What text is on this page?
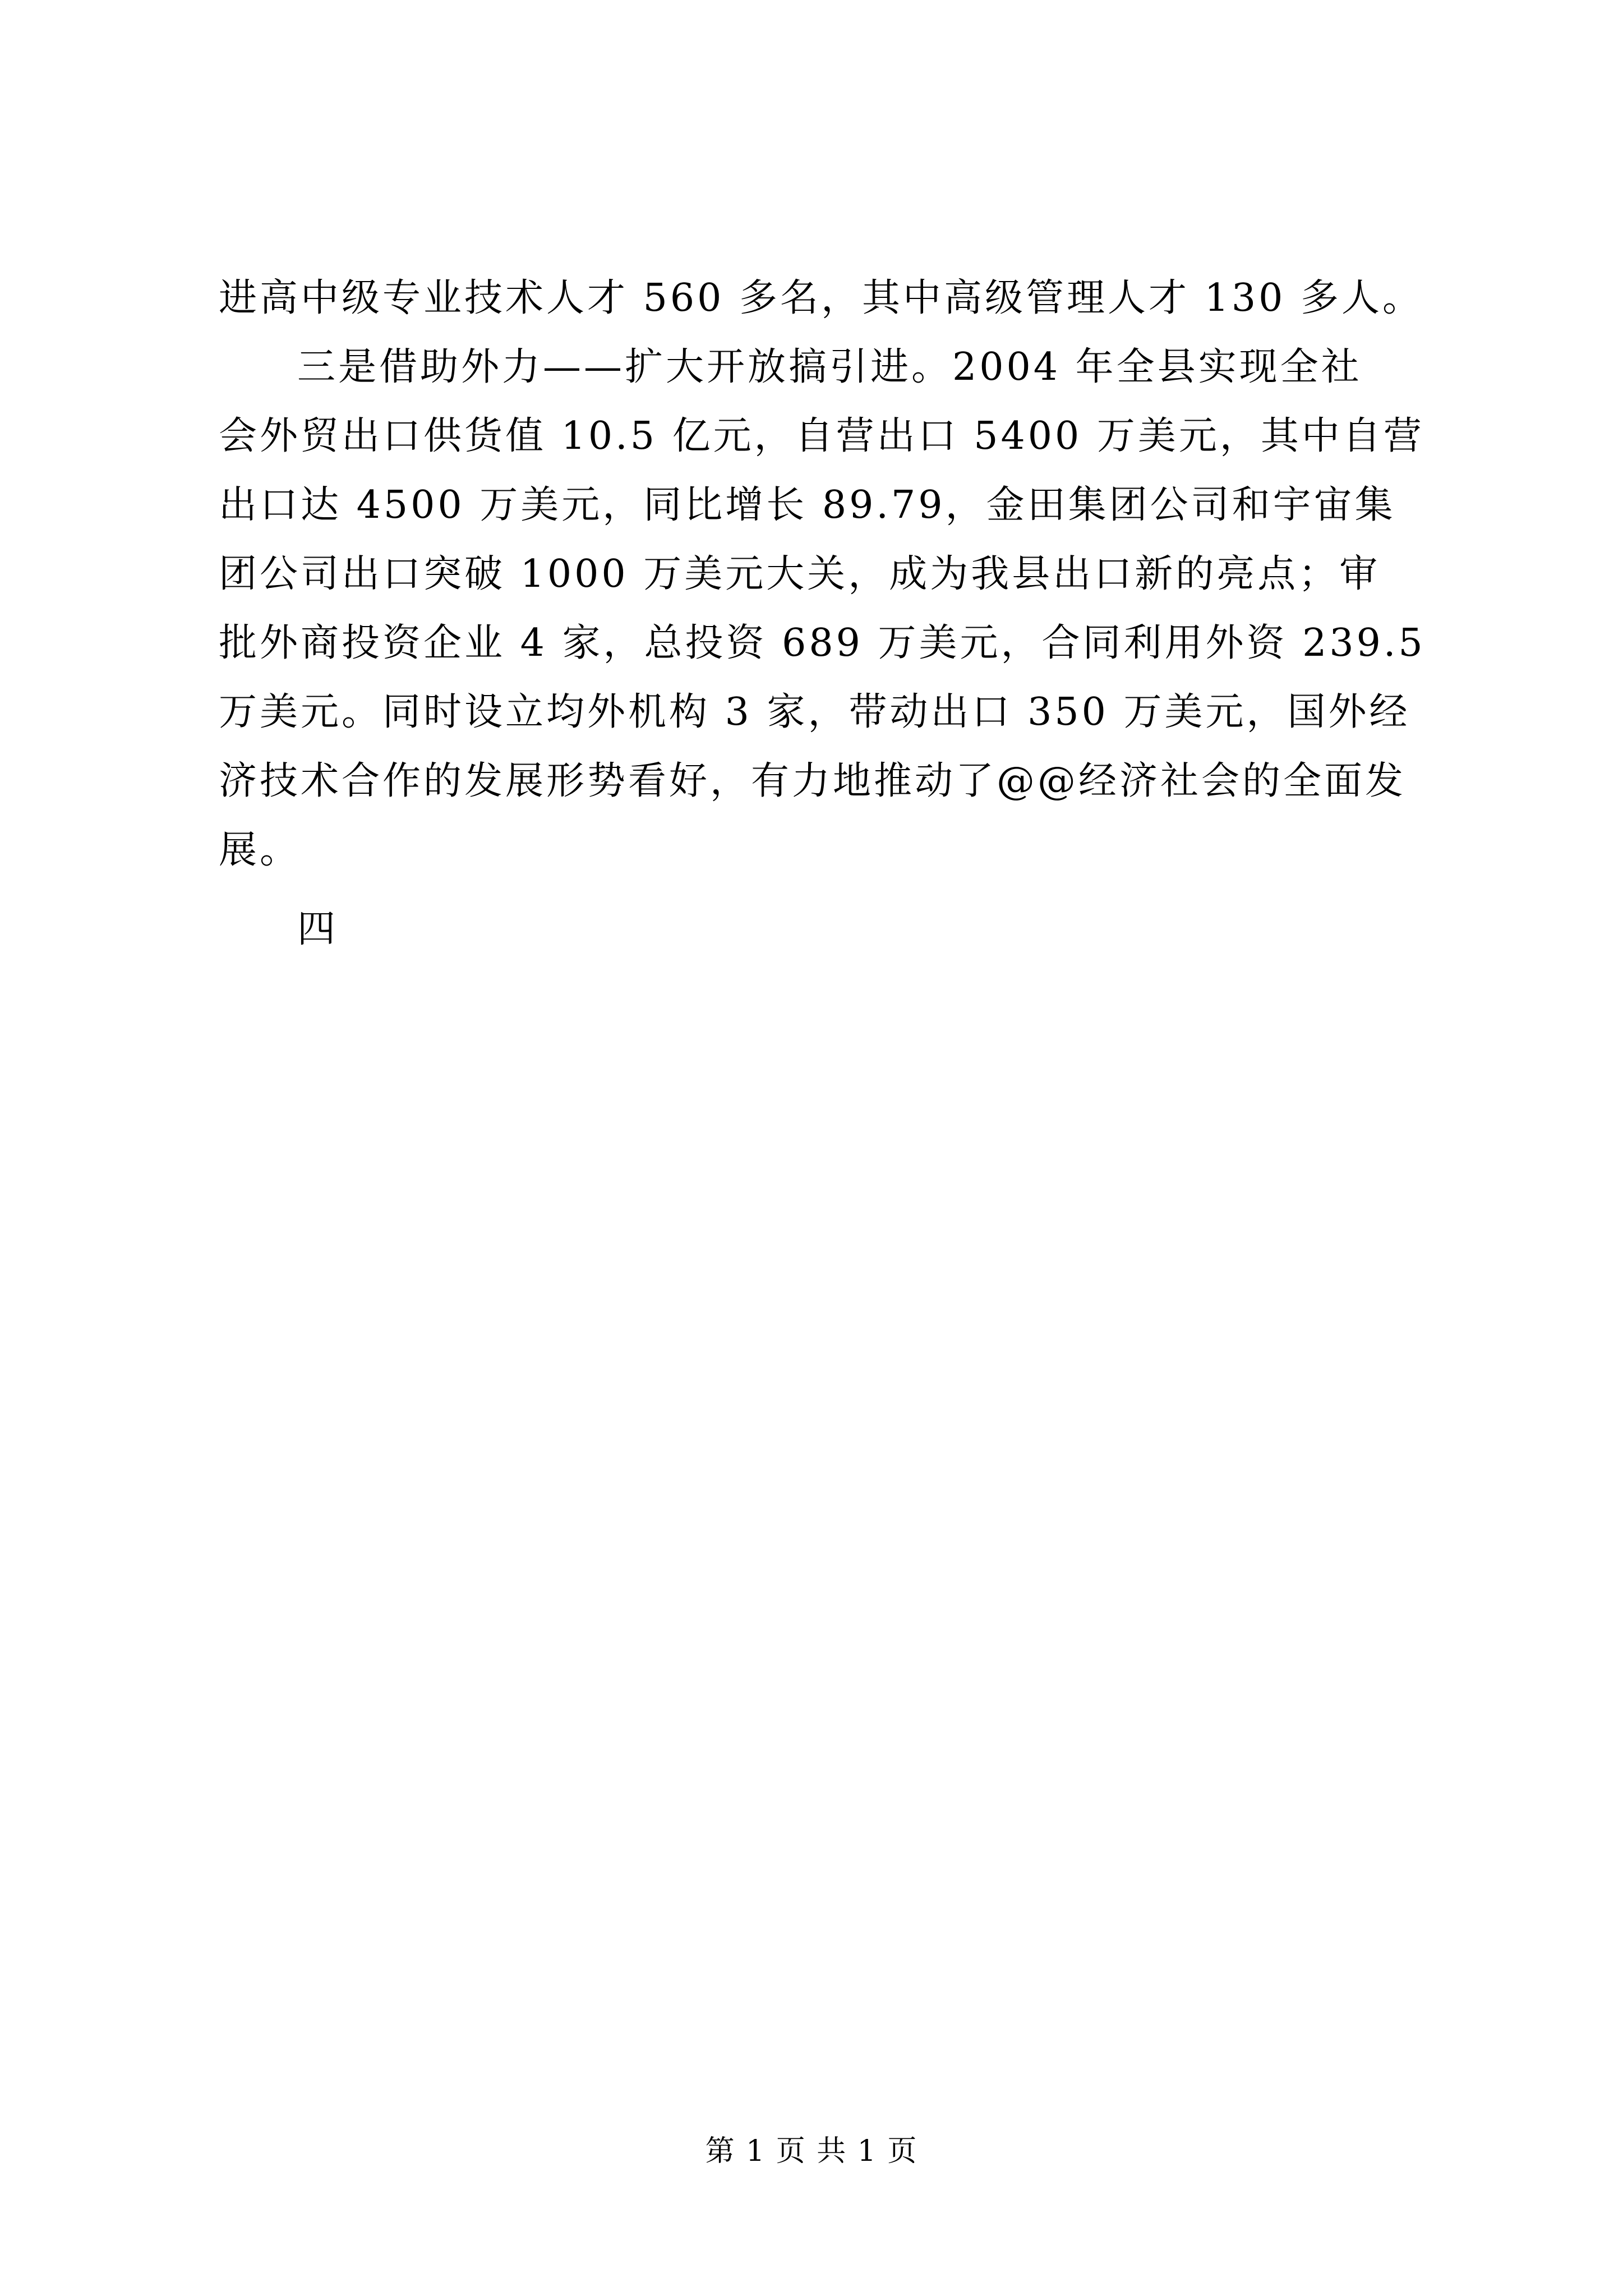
进高中级专业技术人才 560 多名，其中高级管理人才 130 多人。
三是借助外力——扩大开放搞引进。2004 年全县实现全社
会外贸出口供货值 10.5 亿元，自营出口 5400 万美元，其中自营
出口达 4500 万美元，同比增长 89.79，金田集团公司和宇宙集
团公司出口突破 1000 万美元大关，成为我县出口新的亮点；审
批外商投资企业 4 家，总投资 689 万美元，合同利用外资 239.5
万美元。同时设立均外机构 3 家，带动出口 350 万美元，国外经
济技术合作的发展形势看好，有力地推动了@@经济社会的全面发
展。
四
第 1 页 共 1 页
